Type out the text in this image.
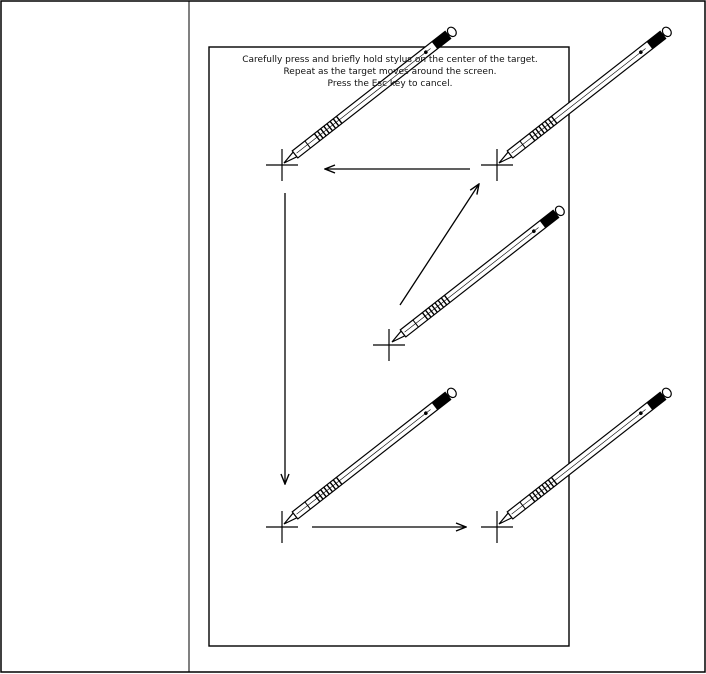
Carefully press and briefly hold stylus on the center of the target.
Repeat as the target moves around the screen.
Press the Esc key to cancel.
